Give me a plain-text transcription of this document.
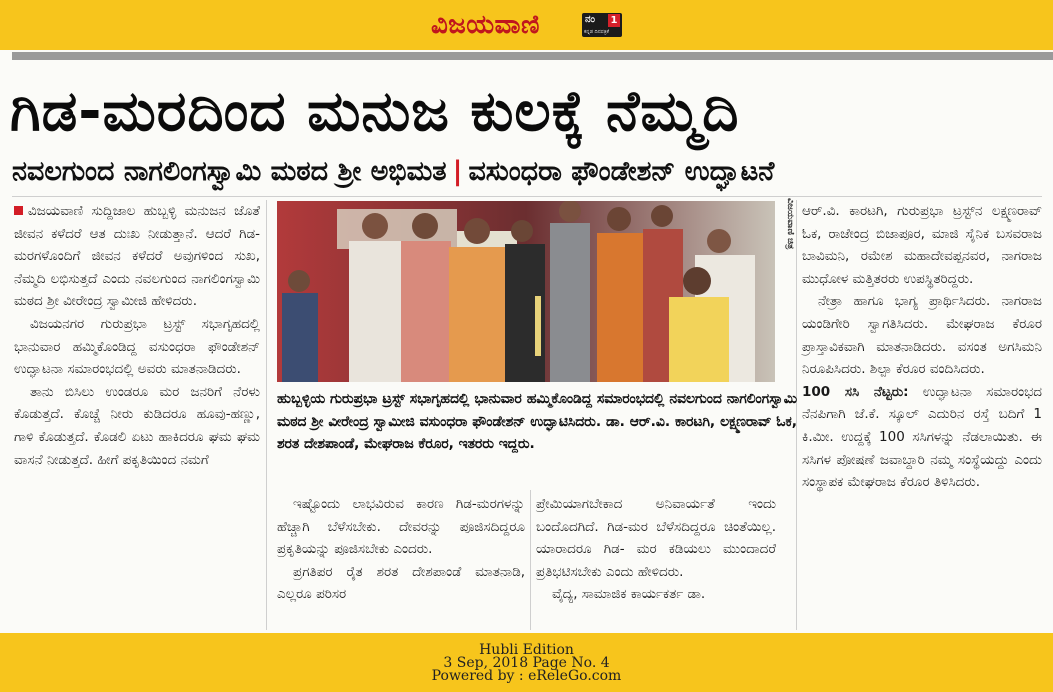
ವಿಜಯವಾಣಿ	ನಂ 1
ಕನ್ನಡ ದಿನಪತ್ರಿಕೆ
ಗಿಡ-ಮರದಿಂದ ಮನುಜ ಕುಲಕ್ಕೆ ನೆಮ್ಮದಿ
ನವಲಗುಂದ ನಾಗಲಿಂಗಸ್ವಾಮಿ ಮಠದ ಶ್ರೀ ಅಭಿಮತ | ವಸುಂಧರಾ ಫೌಂಡೇಶನ್ ಉದ್ಘಾಟನೆ

ವಿಜಯವಾಣಿ ಸುದ್ದಿಜಾಲ ಹುಬ್ಬಳ್ಳಿ ಮನುಜನ ಜೊತೆ ಜೀವನ ಕಳೆದರೆ ಆತ ದುಃಖ ನೀಡುತ್ತಾನೆ. ಆದರೆ ಗಿಡ-ಮರಗಳೊಂದಿಗೆ ಜೀವನ ಕಳೆದರೆ ಅವುಗಳಿಂದ ಸುಖ, ನೆಮ್ಮದಿ ಲಭಿಸುತ್ತದೆ ಎಂದು ನವಲಗುಂದ ನಾಗಲಿಂಗಸ್ವಾಮಿ ಮಠದ ಶ್ರೀ ವೀರೇಂದ್ರ ಸ್ವಾಮೀಜಿ ಹೇಳಿದರು.

ವಿಜಯನಗರ ಗುರುಪ್ರಭಾ ಟ್ರಸ್ಟ್ ಸಭಾಗೃಹದಲ್ಲಿ ಭಾನುವಾರ ಹಮ್ಮಿಕೊಂಡಿದ್ದ ವಸುಂಧರಾ ಫೌಂಡೇಶನ್ ಉದ್ಘಾಟನಾ ಸಮಾರಂಭದಲ್ಲಿ ಅವರು ಮಾತನಾಡಿದರು.

ತಾನು ಬಿಸಿಲು ಉಂಡರೂ ಮರ ಜನರಿಗೆ ನೆರಳು ಕೊಡುತ್ತದೆ. ಕೊಚ್ಚೆ ನೀರು ಕುಡಿದರೂ ಹೂವು-ಹಣ್ಣು, ಗಾಳಿ ಕೊಡುತ್ತದೆ. ಕೊಡಲಿ ಏಟು ಹಾಕಿದರೂ ಘಮ ಘಮ ವಾಸನೆ ನೀಡುತ್ತದೆ. ಹೀಗೆ ಪಕೃತಿಯಿಂದ ನಮಗೆ

ವಿಜಯವಾಣಿ ಚಿತ್ರ
ಹುಬ್ಬಳ್ಳಿಯ ಗುರುಪ್ರಭಾ ಟ್ರಸ್ಟ್ ಸಭಾಗೃಹದಲ್ಲಿ ಭಾನುವಾರ ಹಮ್ಮಿಕೊಂಡಿದ್ದ ಸಮಾರಂಭದಲ್ಲಿ ನವಲಗುಂದ ನಾಗಲಿಂಗಸ್ವಾಮಿ ಮಠದ ಶ್ರೀ ವೀರೇಂದ್ರ ಸ್ವಾಮೀಜಿ ವಸುಂಧರಾ ಫೌಂಡೇಶನ್ ಉದ್ಘಾಟಿಸಿದರು. ಡಾ. ಆರ್.ವಿ. ಕಾರಟಗಿ, ಲಕ್ಷ್ಮಣರಾವ್ ಓಕ, ಶರತ ದೇಶಪಾಂಡೆ, ಮೇಘರಾಜ ಕೆರೂರ, ಇತರರು ಇದ್ದರು.

ಇಷ್ಟೊಂದು ಲಾಭವಿರುವ ಕಾರಣ ಗಿಡ-ಮರಗಳನ್ನು ಹೆಚ್ಚಾಗಿ ಬೆಳೆಸಬೇಕು. ದೇವರನ್ನು ಪೂಜಿಸದಿದ್ದರೂ ಪ್ರಕೃತಿಯನ್ನು ಪೂಜಿಸಬೇಕು ಎಂದರು.

ಪ್ರಗತಿಪರ ರೈತ ಶರತ ದೇಶಪಾಂಡೆ ಮಾತನಾಡಿ, ಎಲ್ಲರೂ ಪರಿಸರ

ಪ್ರೇಮಿಯಾಗಬೇಕಾದ ಅನಿವಾರ್ಯತೆ ಇಂದು ಬಂದೊದಗಿದೆ. ಗಿಡ-ಮರ ಬೆಳೆಸದಿದ್ದರೂ ಚಿಂತೆಯಿಲ್ಲ. ಯಾರಾದರೂ ಗಿಡ- ಮರ ಕಡಿಯಲು ಮುಂದಾದರೆ ಪ್ರತಿಭಟಿಸಬೇಕು ಎಂದು ಹೇಳಿದರು.

ವೈದ್ಯ, ಸಾಮಾಜಿಕ ಕಾರ್ಯಕರ್ತ ಡಾ.

ಆರ್.ವಿ. ಕಾರಟಗಿ, ಗುರುಪ್ರಭಾ ಟ್ರಸ್ಟ್‌ನ ಲಕ್ಷ್ಮಣರಾವ್ ಓಕ, ರಾಜೇಂದ್ರ ಬಿಜಾಪೂರ, ಮಾಜಿ ಸೈನಿಕ ಬಸವರಾಜ ಬಾವಿಮನಿ, ರಮೇಶ ಮಹಾದೇವಪ್ಪನವರ, ನಾಗರಾಜ ಮುಧೋಳ ಮತ್ತಿತರರು ಉಪಸ್ಥಿತರಿದ್ದರು.

ನೇತ್ರಾ ಹಾಗೂ ಭಾಗ್ಯ ಪ್ರಾರ್ಥಿಸಿದರು. ನಾಗರಾಜ ಯಂಡಿಗೇರಿ ಸ್ವಾಗತಿಸಿದರು. ಮೇಘರಾಜ ಕೆರೂರ ಪ್ರಾಸ್ತಾವಿಕವಾಗಿ ಮಾತನಾಡಿದರು. ವಸಂತ ಅಗಸಿಮನಿ ನಿರೂಪಿಸಿದರು. ಶಿಲ್ಪಾ ಕೆರೂರ ವಂದಿಸಿದರು.

100 ಸಸಿ ನೆಟ್ಟರು: ಉದ್ಘಾಟನಾ ಸಮಾರಂಭದ ನೆನಪಿಗಾಗಿ ಜೆ.ಕೆ. ಸ್ಕೂಲ್ ಎದುರಿನ ರಸ್ತೆ ಬದಿಗೆ 1 ಕಿ.ಮೀ. ಉದ್ದಕ್ಕೆ 100 ಸಸಿಗಳನ್ನು ನೆಡಲಾಯಿತು. ಈ ಸಸಿಗಳ ಪೋಷಣೆ ಜವಾಬ್ದಾರಿ ನಮ್ಮ ಸಂಸ್ಥೆಯದ್ದು ಎಂದು ಸಂಸ್ಥಾಪಕ ಮೇಘರಾಜ ಕೆರೂರ ತಿಳಿಸಿದರು.

Hubli Edition
3 Sep, 2018 Page No. 4
Powered by : eReleGo.com
